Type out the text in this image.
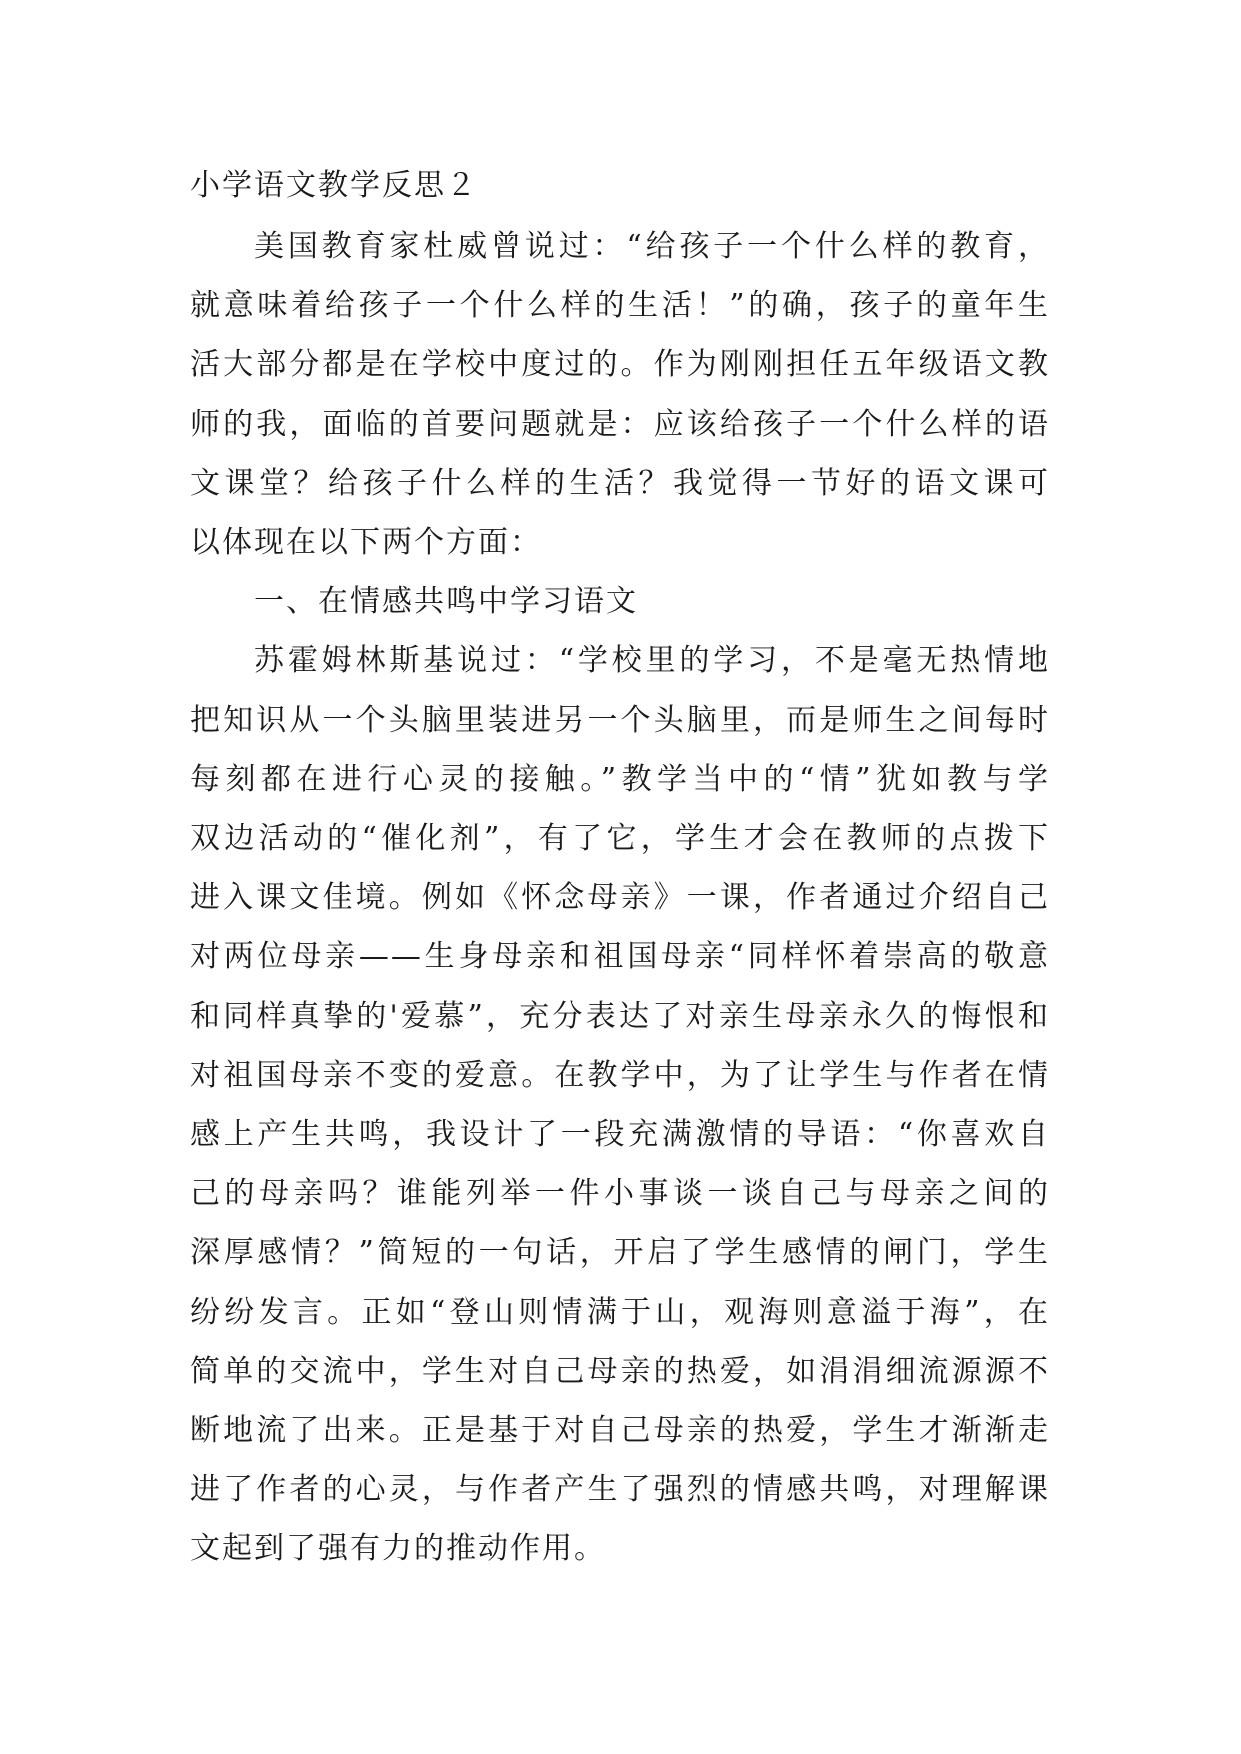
小学语文教学反思２
美国教育家杜威曾说过：“给孩子一个什么样的教育，
就意味着给孩子一个什么样的生活！”的确，孩子的童年生
活大部分都是在学校中度过的。作为刚刚担任五年级语文教
师的我，面临的首要问题就是：应该给孩子一个什么样的语
文课堂？给孩子什么样的生活？我觉得一节好的语文课可
以体现在以下两个方面：
一、在情感共鸣中学习语文
苏霍姆林斯基说过：“学校里的学习，不是毫无热情地
把知识从一个头脑里装进另一个头脑里，而是师生之间每时
每刻都在进行心灵的接触。”教学当中的“情”犹如教与学
双边活动的“催化剂”，有了它，学生才会在教师的点拨下
进入课文佳境。例如《怀念母亲》一课，作者通过介绍自己
对两位母亲——生身母亲和祖国母亲“同样怀着崇高的敬意
和同样真挚的'爱慕”，充分表达了对亲生母亲永久的悔恨和
对祖国母亲不变的爱意。在教学中，为了让学生与作者在情
感上产生共鸣，我设计了一段充满激情的导语：“你喜欢自
己的母亲吗？谁能列举一件小事谈一谈自己与母亲之间的
深厚感情？”简短的一句话，开启了学生感情的闸门，学生
纷纷发言。正如“登山则情满于山，观海则意溢于海”，在
简单的交流中，学生对自己母亲的热爱，如涓涓细流源源不
断地流了出来。正是基于对自己母亲的热爱，学生才渐渐走
进了作者的心灵，与作者产生了强烈的情感共鸣，对理解课
文起到了强有力的推动作用。
